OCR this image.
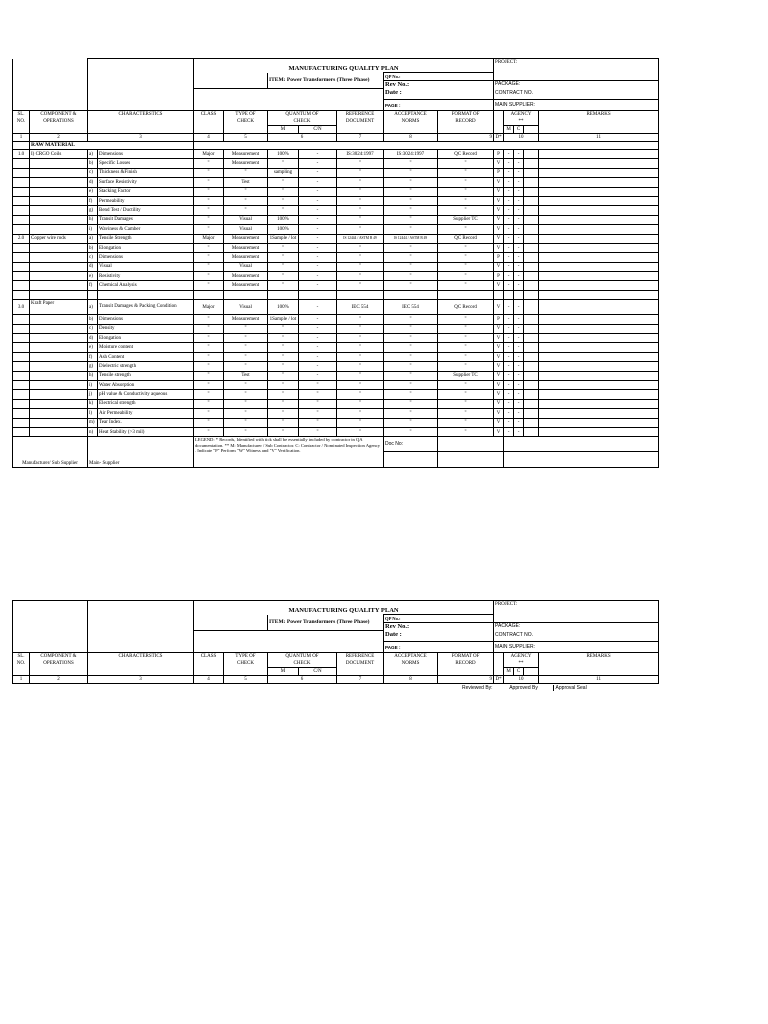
				MANUFACTURING QUALITY PLAN							PROJECT:					
						ITEM: Power Transformers (Three Phase)			QP No.:							
									Rev No.:		PACKAGE:					
									Date :		CONTRACT NO.					
									PAGE :		MAIN SUPPLIER:					
SL.	COMPONENT &	CHARACTERSTICS		CLASS	TYPE OF	QUANTUM OF		REFERENCE	ACCEPTANCE	FORMAT OF		AGENCY			REMARKS	
NO.	OPERATIONS				CHECK	CHECK		DOCUMENT	NORMS	RECORD		**				
						M	C/N					M	C			
1	2	3		4	5	6		7	8	9	D*	10			11	
	RAW MATERIAL															
1.0	I) CRGO Coils	a)	Dimensions	Major	Measurement	100%	-	IS:3024:1997	IS:3024:1997	QC Record	P	-	-			
		b)	Specific Losses	"	Measurement	"	-	"	"	"	V	-	-			
		c)	Thickness &Finish	"	"	sampling	-	"	"	"	P	-	-			
		d)	Surface Resistivity	"	Test	"	-	"	"	"	V	-	-			
		e)	Stacking Factor	"	"	"	-	"	"	"	V	-	-			
		f)	Permeability	"	"	"	-	"	"	"	V	-	-			
		g)	Bend Test / Ductility	"	"	"	-	"	"	"	V	-	-			
		h)	Transit Damages	"	Visual	100%	-	"	"	Supplier TC	V	-	-			
		i)	Waviness & Camber	"	Visual	100%	-	"	"	"	V	-	-			
2.0	Copper wire rods	a)	Tensile Strength	Major	Measurement	1Sample / lot	-	IS 12444 / ASTM B 49	IS 12444 / ASTM B 49	QC Record	V	-	-			
		b)	Elongation	"	Measurement	"	-	"	"	"	V	-	-			
		c)	Dimensions	"	Measurement	"	-	"	"	"	P	-	-			
		d)	Visual	"	Visual	"	-	"	"	"	V	-	-			
		e)	Resistivity	"	Measurement	"	-	"	"	"	P	-	-			
		f)	Chemical Analysis	"	Measurement	"	-	"	"	"	V	-	-			

3.0	Kraft Paper	a)	Transit Damages & Packing Condition	Major	Visual	100%	-	IEC 554	IEC 554	QC Record	V	-	-			
		b)	Dimensions	"	Measurement	1Sample / lot	-	"	"	"	P	-	-			
		c)	Density	"	"	"	-	"	"	"	V	-	-			
		d)	Elongation	"	"	"	-	"	"	"	V	-	-			
		e)	Moisture content	"	"	"	-	"	"	"	V	-	-			
		f)	Ash Content	"	"	"	-	"	"	"	V	-	-			
		g)	Dielectric strength	"	"	"	-	"	"	"	V	-	-			
		h)	Tensile strength	"	Test	"	-	"	"	Supplier TC	V	-	-			
		i)	Water Absorption	"	"	"	"	"	"	"	V	-	-			
		j)	pH value & Conductivity aqueous	"	"	"	"	"	"	"	V	-	-			
		k)	Electrical strength	"	"	"	"	"	"	"	V	-	-			
		l)	Air Permeability	"	"	"	"	"	"	"	V	-	-			
		m)	Tear Index.	"	"	"	"	"	"	"	V	-	-			
		n)	Heat Stability (>3 mil)	"	"	"	"	"	"	"	V	-	-			
Manufacturer/ Sub Supplier		Main- Supplier		LEGEND: * Records, Identified with tick shall be essentially included by contractor in QA documentation. ** M: Manufacturer / Sub Contractor. C: Contractor / Nominated Inspection Agency . Indicate "P" Perform "W" Witness and "V" Verification.					Doc No:			

			MANUFACTURING QUALITY PLAN							PROJECT:				
					ITEM: Power Transformers (Three Phase)			QP No.:						
								Rev No.:		PACKAGE:				
								Date :		CONTRACT NO.				
								PAGE :		MAIN SUPPLIER:				
SL.	COMPONENT &	CHARACTERSTICS	CLASS	TYPE OF	QUANTUM OF		REFERENCE	ACCEPTANCE	FORMAT OF		AGENCY			REMARKS
NO.	OPERATIONS			CHECK	CHECK		DOCUMENT	NORMS	RECORD		**			
					M	C/N					M	C		
1	2	3	4	5	6		7	8	9	D*	10			11
									Reviewed By:	Approved By Approval Seal				
